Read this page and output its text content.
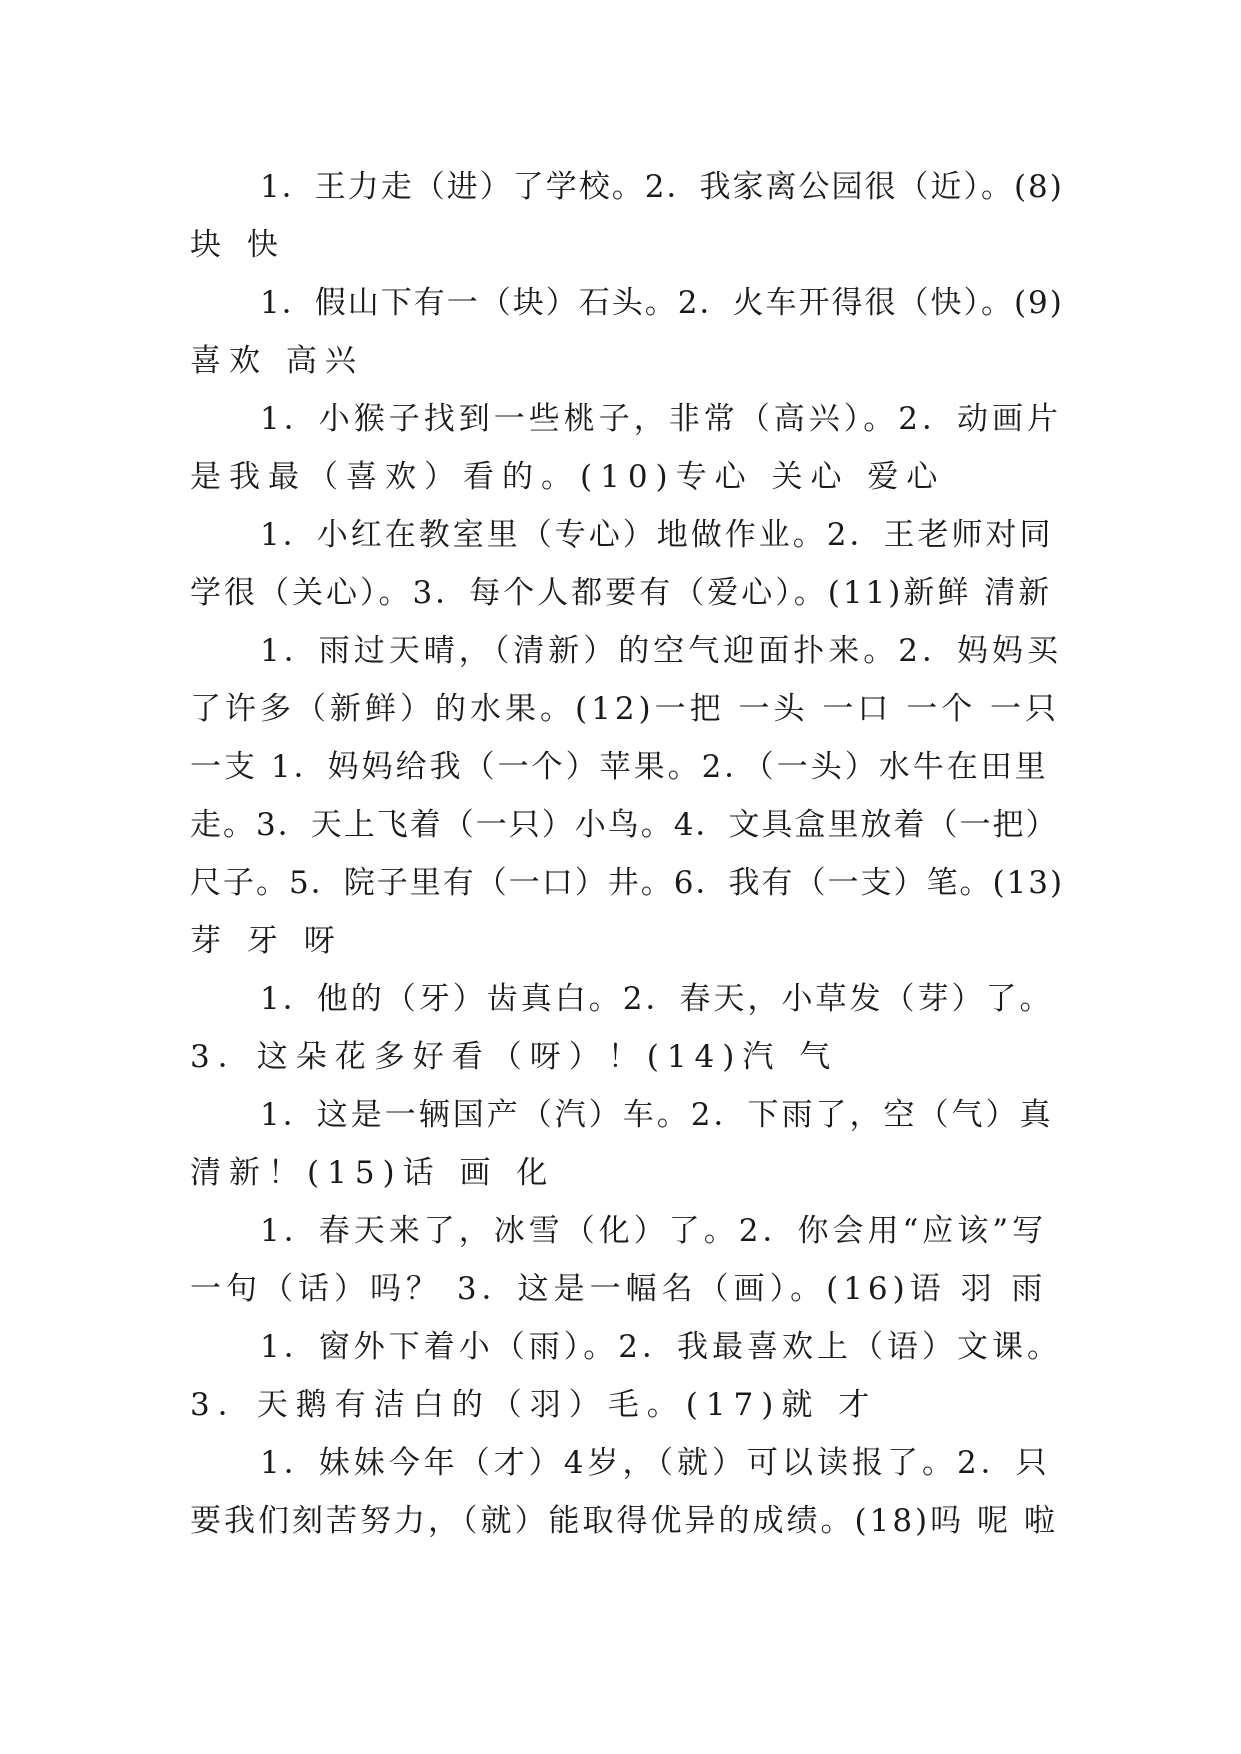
1．王力走（进）了学校。2．我家离公园很（近）。(8)
块 快
1．假山下有一（块）石头。2．火车开得很（快）。(9)
喜欢 高兴
1．小猴子找到一些桃子，非常（高兴）。2．动画片
是我最（喜欢）看的。(10)专心 关心 爱心
1．小红在教室里（专心）地做作业。2．王老师对同
学很（关心）。3．每个人都要有（爱心）。(11)新鲜 清新
1．雨过天晴，（清新）的空气迎面扑来。2．妈妈买
了许多（新鲜）的水果。(12)一把 一头 一口 一个 一只
一支 1．妈妈给我（一个）苹果。2．（一头）水牛在田里
走。3．天上飞着（一只）小鸟。4．文具盒里放着（一把）
尺子。5．院子里有（一口）井。6．我有（一支）笔。(13)
芽 牙 呀
1．他的（牙）齿真白。2．春天，小草发（芽）了。
3．这朵花多好看（呀）！(14)汽 气
1．这是一辆国产（汽）车。2．下雨了，空（气）真
清新！(15)话 画 化
1．春天来了，冰雪（化）了。2．你会用“应该”写
一句（话）吗？ 3．这是一幅名（画）。(16)语 羽 雨
1．窗外下着小（雨）。2．我最喜欢上（语）文课。
3．天鹅有洁白的（羽）毛。(17)就 才
1．妹妹今年（才）4岁，（就）可以读报了。2．只
要我们刻苦努力，（就）能取得优异的成绩。(18)吗 呢 啦
